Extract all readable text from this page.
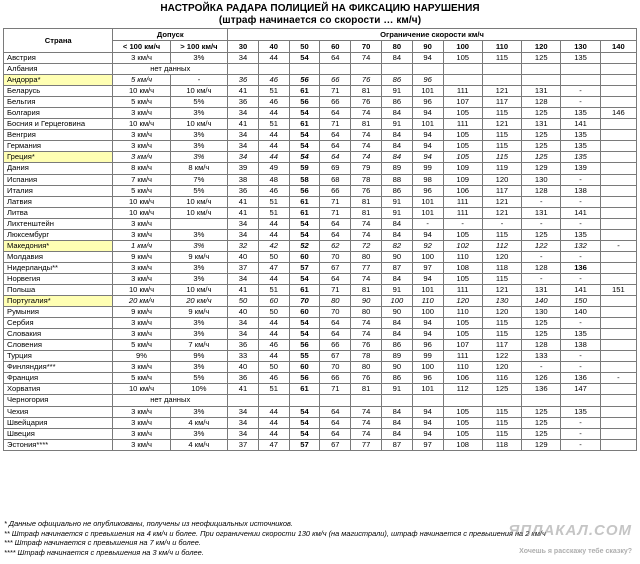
НАСТРОЙКА РАДАРА ПОЛИЦИЕЙ НА ФИКСАЦИЮ НАРУШЕНИЯ
(штраф начинается со скорости … км/ч)
Страна	Допуск		Ограничение скорости км/ч											
	< 100 км/ч	> 100 км/ч	30	40	50	60	70	80	90	100	110	120	130	140
Австрия	3 км/ч	3%	34	44	54	64	74	84	94	105	115	125	135	
Албания	нет данных													
Андорра*	5 км/ч	-	36	46	56	66	76	86	96					
Беларусь	10 км/ч	10 км/ч	41	51	61	71	81	91	101	111	121	131	-	
Бельгия	5 км/ч	5%	36	46	56	66	76	86	96	107	117	128	-	
Болгария	3 км/ч	3%	34	44	54	64	74	84	94	105	115	125	135	146
Босния и Герцеговина	10 км/ч	10 км/ч	41	51	61	71	81	91	101	111	121	131	141	
Венгрия	3 км/ч	3%	34	44	54	64	74	84	94	105	115	125	135	
Германия	3 км/ч	3%	34	44	54	64	74	84	94	105	115	125	135	
Греция*	3 км/ч	3%	34	44	54	64	74	84	94	105	115	125	135	
Дания	8 км/ч	8 км/ч	39	49	59	69	79	89	99	109	119	129	139	
Испания	7 км/ч	7%	38	48	58	68	78	88	98	109	120	130	-	
Италия	5 км/ч	5%	36	46	56	66	76	86	96	106	117	128	138	
Латвия	10 км/ч	10 км/ч	41	51	61	71	81	91	101	111	121	-	-	
Литва	10 км/ч	10 км/ч	41	51	61	71	81	91	101	111	121	131	141	
Лихтенштейн	3 км/ч		34	44	54	64	74	84	-	-	-	-	-	
Люксембург	3 км/ч	3%	34	44	54	64	74	84	94	105	115	125	135	
Македония*	1 км/ч	3%	32	42	52	62	72	82	92	102	112	122	132	-
Молдавия	9 км/ч	9 км/ч	40	50	60	70	80	90	100	110	120	-	-	
Нидерланды**	3 км/ч	3%	37	47	57	67	77	87	97	108	118	128	136	
Норвегия	3 км/ч	3%	34	44	54	64	74	84	94	105	115	-	-	
Польша	10 км/ч	10 км/ч	41	51	61	71	81	91	101	111	121	131	141	151
Португалия*	20 км/ч	20 км/ч	50	60	70	80	90	100	110	120	130	140	150	
Румыния	9 км/ч	9 км/ч	40	50	60	70	80	90	100	110	120	130	140	
Сербия	3 км/ч	3%	34	44	54	64	74	84	94	105	115	125	-	
Словакия	3 км/ч	3%	34	44	54	64	74	84	94	105	115	125	135	
Словения	5 км/ч	7 км/ч	36	46	56	66	76	86	96	107	117	128	138	
Турция	9%	9%	33	44	55	67	78	89	99	111	122	133	-	
Финляндия***	3 км/ч	3%	40	50	60	70	80	90	100	110	120	-	-	
Франция	5 км/ч	5%	36	46	56	66	76	86	96	106	116	126	136	-
Хорватия	10 км/ч	10%	41	51	61	71	81	91	101	112	125	136	147	
Черногория	нет данных													
Чехия	3 км/ч	3%	34	44	54	64	74	84	94	105	115	125	135	
Швейцария	3 км/ч	4 км/ч	34	44	54	64	74	84	94	105	115	125	-	
Швеция	3 км/ч	3%	34	44	54	64	74	84	94	105	115	125	-	
Эстония****	3 км/ч	4 км/ч	37	47	57	67	77	87	97	108	118	129	-	
* Данные официально не опубликованы, получены из неофициальных источников.
** Штраф начинается с превышения на 4 км/ч и более. При ограничении скорости 130 км/ч (на магистрали), штраф начинается с превышения на 2 км/ч
*** Штраф начинается с превышения на 7 км/ч и более.
**** Штраф начинается с превышения на 3 км/ч и более.
ЯПЛАКАЛ.COM
Хочешь я расскажу тебе сказку?
